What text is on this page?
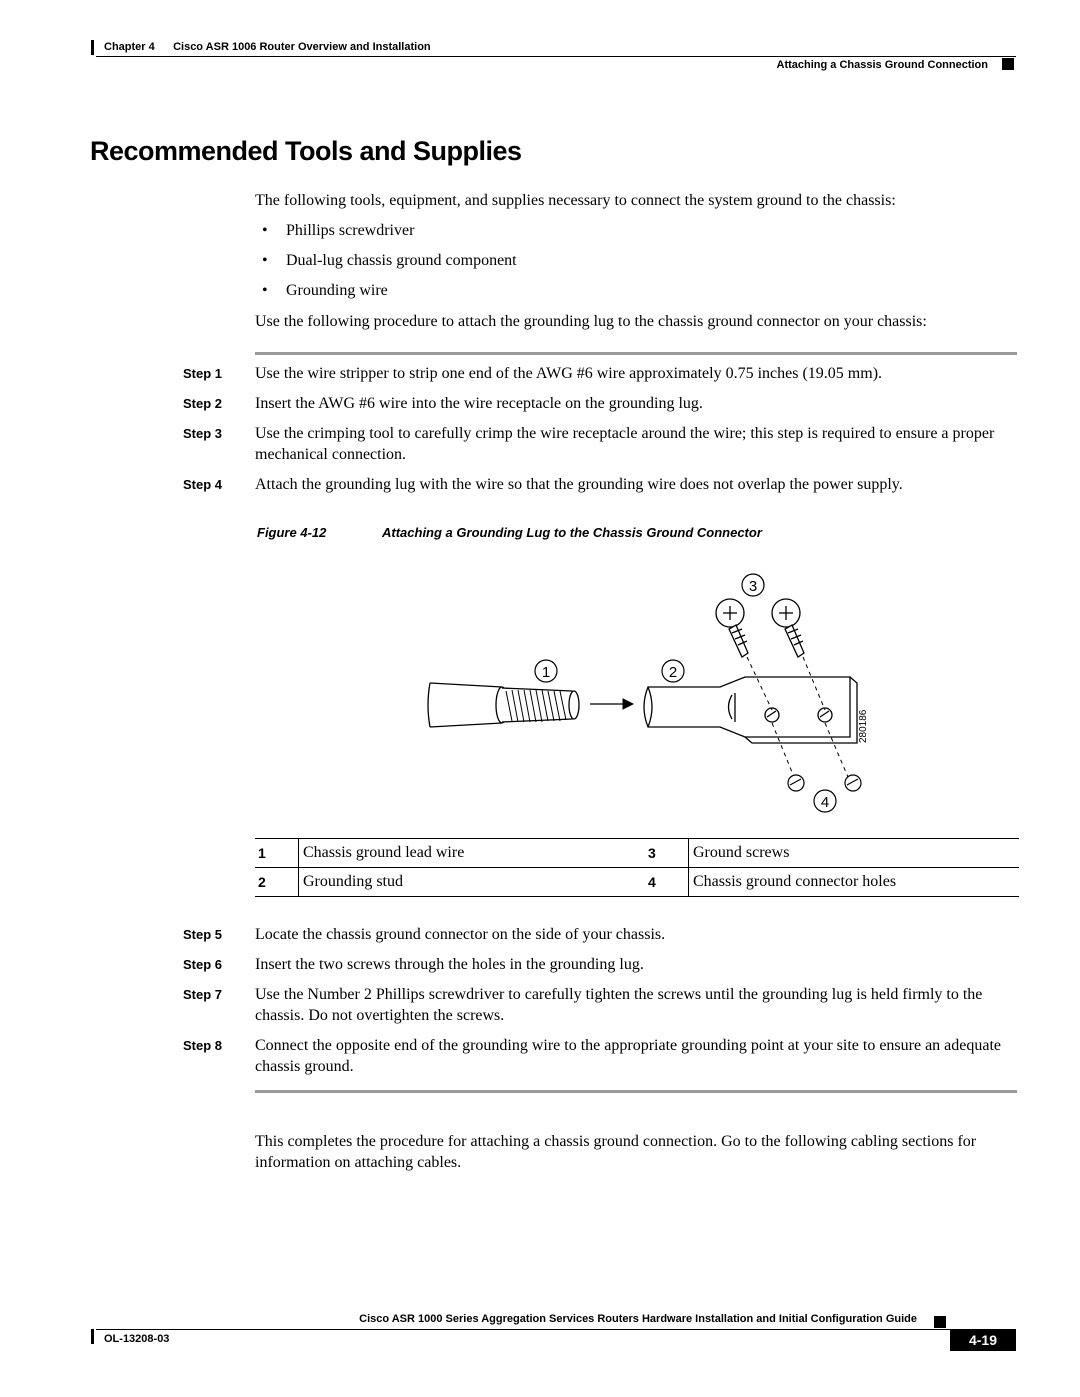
Chapter 4      Cisco ASR 1006 Router Overview and Installation
Attaching a Chassis Ground Connection
Recommended Tools and Supplies
The following tools, equipment, and supplies necessary to connect the system ground to the chassis:
• Phillips screwdriver
• Dual-lug chassis ground component
• Grounding wire
Use the following procedure to attach the grounding lug to the chassis ground connector on your chassis:
Step 1	Use the wire stripper to strip one end of the AWG #6 wire approximately 0.75 inches (19.05 mm).
Step 2	Insert the AWG #6 wire into the wire receptacle on the grounding lug.
Step 3	Use the crimping tool to carefully crimp the wire receptacle around the wire; this step is required to ensure a proper mechanical connection.
Step 4	Attach the grounding lug with the wire so that the grounding wire does not overlap the power supply.
Figure 4-12	Attaching a Grounding Lug to the Chassis Ground Connector
1	2
3
4
280186
1	Chassis ground lead wire	3	Ground screws
2	Grounding stud	4	Chassis ground connector holes
Step 5	Locate the chassis ground connector on the side of your chassis.
Step 6	Insert the two screws through the holes in the grounding lug.
Step 7	Use the Number 2 Phillips screwdriver to carefully tighten the screws until the grounding lug is held firmly to the chassis. Do not overtighten the screws.
Step 8	Connect the opposite end of the grounding wire to the appropriate grounding point at your site to ensure an adequate chassis ground.
This completes the procedure for attaching a chassis ground connection. Go to the following cabling sections for information on attaching cables.
Cisco ASR 1000 Series Aggregation Services Routers Hardware Installation and Initial Configuration Guide
OL-13208-03	4-19
